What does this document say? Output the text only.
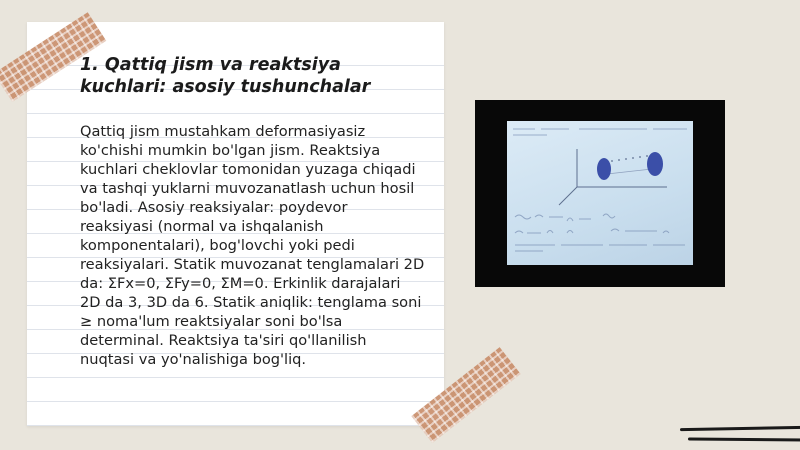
1. Qattiq jism va reaktsiya kuchlari: asosiy tushunchalar
Qattiq jism mustahkam deformasiyasiz ko'chishi mumkin bo'lgan jism. Reaktsiya kuchlari cheklovlar tomonidan yuzaga chiqadi va tashqi yuklarni muvozanatlash uchun hosil bo'ladi. Asosiy reaksiyalar: poydevor reaksiyasi (normal va ishqalanish komponentalari), bog'lovchi yoki pedi reaksiyalari. Statik muvozanat tenglamalari 2D da: ΣFx=0, ΣFy=0, ΣM=0. Erkinlik darajalari 2D da 3, 3D da 6. Statik aniqlik: tenglama soni ≥ noma'lum reaktsiyalar soni bo'lsa determinal. Reaktsiya ta'siri qo'llanilish nuqtasi va yo'nalishiga bog'liq.
